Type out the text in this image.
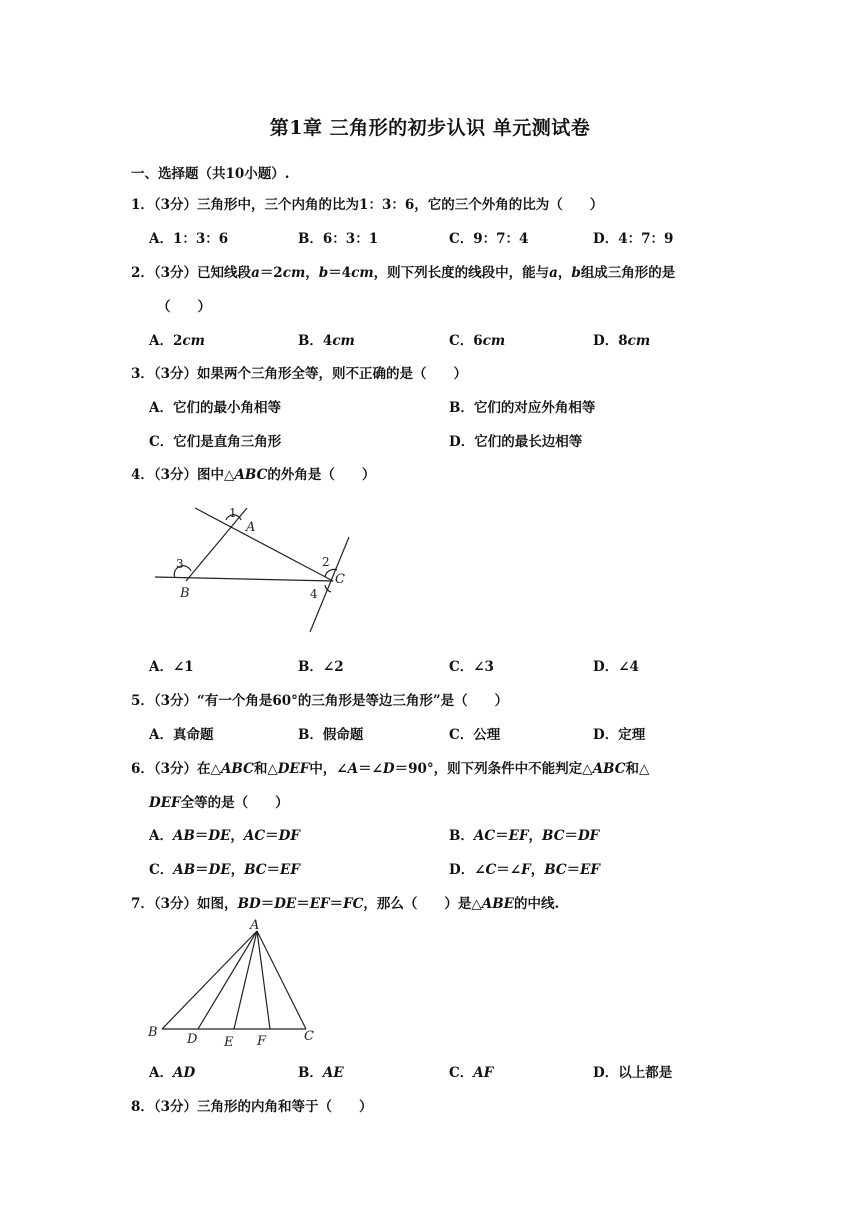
第1章 三角形的初步认识 单元测试卷
一、选择题（共10小题）.
1．（3分）三角形中，三个内角的比为1：3：6，它的三个外角的比为（　　）
A．1：3：6	B．6：3：1	C．9：7：4	D．4：7：9
2．（3分）已知线段a＝2cm，b＝4cm，则下列长度的线段中，能与a，b组成三角形的是
（　　）
A．2cm	B．4cm	C．6cm	D．8cm
3．（3分）如果两个三角形全等，则不正确的是（　　）
A．它们的最小角相等	B．它们的对应外角相等
C．它们是直角三角形	D．它们的最长边相等
4．（3分）图中△ABC的外角是（　　）
1
A
2
C
3
B	4
A．∠1	B．∠2	C．∠3	D．∠4
5．（3分）“有一个角是60°的三角形是等边三角形”是（　　）
A．真命题	B．假命题	C．公理	D．定理
6．（3分）在△ABC和△DEF中，∠A＝∠D＝90°，则下列条件中不能判定△ABC和△
DEF全等的是（　　）
A．AB＝DE，AC＝DF	B．AC＝EF，BC＝DF
C．AB＝DE，BC＝EF	D．∠C＝∠F，BC＝EF
7．（3分）如图，BD＝DE＝EF＝FC，那么（　　）是△ABE的中线.
A
B D E F	C
A．AD	B．AE	C．AF	D．以上都是
8．（3分）三角形的内角和等于（　　）
